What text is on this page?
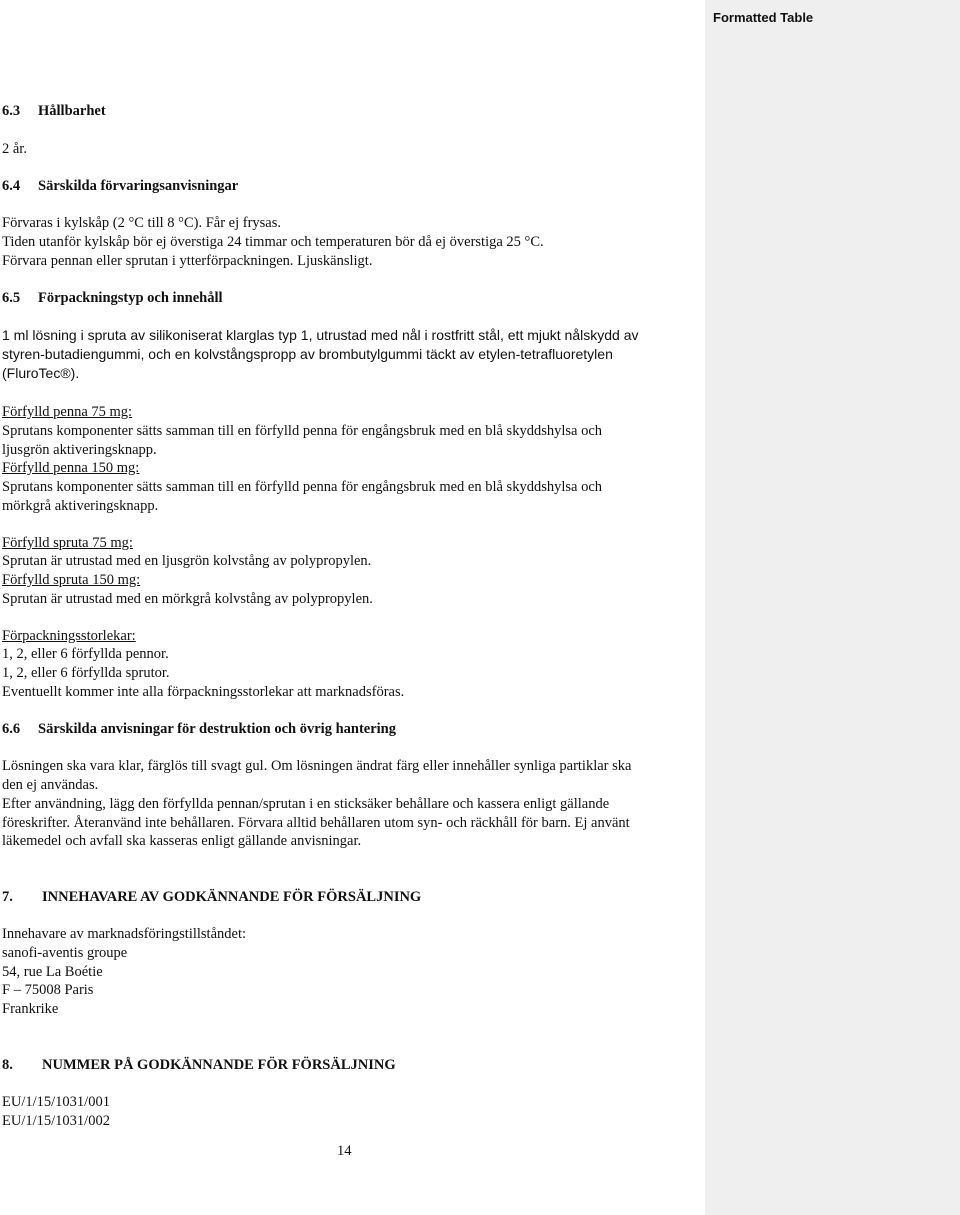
6.3 Hållbarhet

2 år.

6.4 Särskilda förvaringsanvisningar

Förvaras i kylskåp (2 °C till 8 °C). Får ej frysas.

Tiden utanför kylskåp bör ej överstiga 24 timmar och temperaturen bör då ej överstiga 25 °C.

Förvara pennan eller sprutan i ytterförpackningen. Ljuskänsligt.

6.5 Förpackningstyp och innehåll

1 ml lösning i spruta av silikoniserat klarglas typ 1, utrustad med nål i rostfritt stål, ett mjukt nålskydd av

styren-butadiengummi, och en kolvstångspropp av brombutylgummi täckt av etylen-tetrafluoretylen

(FluroTec®).

Förfylld penna 75 mg:

Sprutans komponenter sätts samman till en förfylld penna för engångsbruk med en blå skyddshylsa och

ljusgrön aktiveringsknapp.

Förfylld penna 150 mg:

Sprutans komponenter sätts samman till en förfylld penna för engångsbruk med en blå skyddshylsa och

mörkgrå aktiveringsknapp.

Förfylld spruta 75 mg:

Sprutan är utrustad med en ljusgrön kolvstång av polypropylen.

Förfylld spruta 150 mg:

Sprutan är utrustad med en mörkgrå kolvstång av polypropylen.

Förpackningsstorlekar:

1, 2, eller 6 förfyllda pennor.

1, 2, eller 6 förfyllda sprutor.

Eventuellt kommer inte alla förpackningsstorlekar att marknadsföras.

6.6 Särskilda anvisningar för destruktion och övrig hantering

Lösningen ska vara klar, färglös till svagt gul. Om lösningen ändrat färg eller innehåller synliga partiklar ska

den ej användas.

Efter användning, lägg den förfyllda pennan/sprutan i en sticksäker behållare och kassera enligt gällande

föreskrifter. Återanvänd inte behållaren. Förvara alltid behållaren utom syn- och räckhåll för barn. Ej använt

läkemedel och avfall ska kasseras enligt gällande anvisningar.

7. INNEHAVARE AV GODKÄNNANDE FÖR FÖRSÄLJNING

Innehavare av marknadsföringstillståndet:

sanofi-aventis groupe

54, rue La Boétie

F – 75008 Paris

Frankrike

8. NUMMER PÅ GODKÄNNANDE FÖR FÖRSÄLJNING

EU/1/15/1031/001

EU/1/15/1031/002

14
Formatted Table
